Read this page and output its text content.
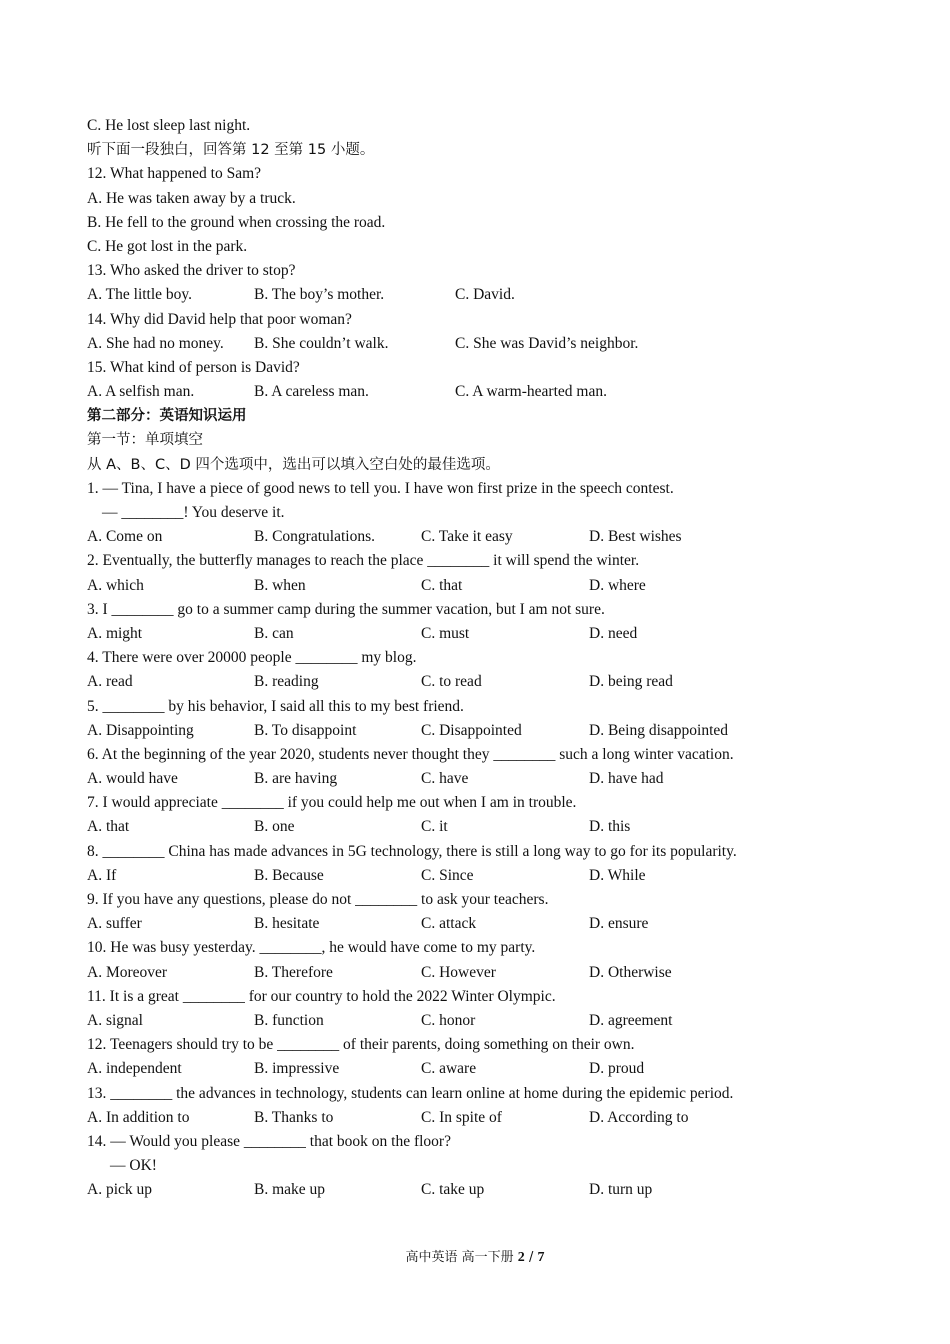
C. He lost sleep last night.
听下面一段独白，回答第 12 至第 15 小题。
12. What happened to Sam?
A. He was taken away by a truck.
B. He fell to the ground when crossing the road.
C. He got lost in the park.
13. Who asked the driver to stop?
A. The little boy.	B. The boy’s mother.	C. David.
14. Why did David help that poor woman?
A. She had no money. B. She couldn’t walk.	C. She was David’s neighbor.
15. What kind of person is David?
A. A selfish man.	B. A careless man.	C. A warm-hearted man.
第二部分：英语知识运用
第一节：单项填空
从 A、B、C、D 四个选项中，选出可以填入空白处的最佳选项。
1. — Tina, I have a piece of good news to tell you. I have won first prize in the speech contest.
— ________! You deserve it.
A. Come on	B. Congratulations.	C. Take it easy	D. Best wishes
2. Eventually, the butterfly manages to reach the place ________ it will spend the winter.
A. which	B. when	C. that	D. where
3. I ________ go to a summer camp during the summer vacation, but I am not sure.
A. might	B. can	C. must	D. need
4. There were over 20000 people ________ my blog.
A. read	B. reading	C. to read	D. being read
5. ________ by his behavior, I said all this to my best friend.
A. Disappointing	B. To disappoint	C. Disappointed	D. Being disappointed
6. At the beginning of the year 2020, students never thought they ________ such a long winter vacation.
A. would have	B. are having	C. have	D. have had
7. I would appreciate ________ if you could help me out when I am in trouble.
A. that	B. one	C. it	D. this
8. ________ China has made advances in 5G technology, there is still a long way to go for its popularity.
A. If	B. Because	C. Since	D. While
9. If you have any questions, please do not ________ to ask your teachers.
A. suffer	B. hesitate	C. attack	D. ensure
10. He was busy yesterday. ________, he would have come to my party.
A. Moreover	B. Therefore	C. However	D. Otherwise
11. It is a great ________ for our country to hold the 2022 Winter Olympic.
A. signal	B. function	C. honor	D. agreement
12. Teenagers should try to be ________ of their parents, doing something on their own.
A. independent	B. impressive	C. aware	D. proud
13. ________ the advances in technology, students can learn online at home during the epidemic period.
A. In addition to	B. Thanks to	C. In spite of	D. According to
14. — Would you please ________ that book on the floor?
— OK!
A. pick up	B. make up	C. take up	D. turn up
高中英语 高一下册 2 / 7
